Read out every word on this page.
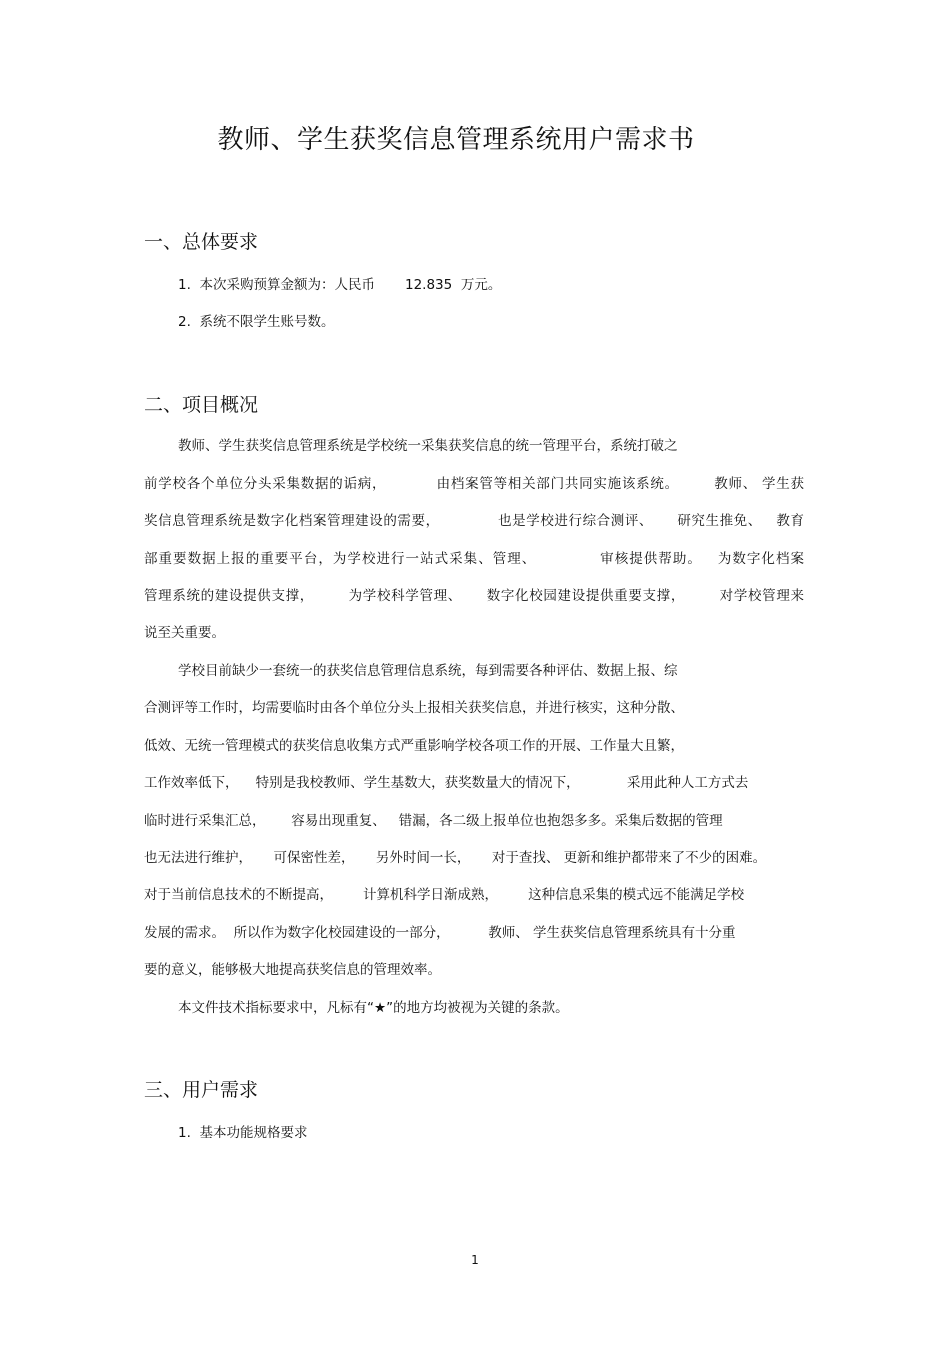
教师、学生获奖信息管理系统用户需求书
一、总体要求
1.  本次采购预算金额为：人民币       12.835  万元。
2.  系统不限学生账号数。
二、项目概况
教师、学生获奖信息管理系统是学校统一采集获奖信息的统一管理平台，系统打破之
前学校各个单位分头采集数据的诟病，          由档案管等相关部门共同实施该系统。       教师、 学生获
奖信息管理系统是数字化档案管理建设的需要，            也是学校进行综合测评、     研究生推免、   教育
部重要数据上报的重要平台，为学校进行一站式采集、管理、            审核提供帮助。   为数字化档案
管理系统的建设提供支撑，       为学校科学管理、     数字化校园建设提供重要支撑，       对学校管理来
说至关重要。
学校目前缺少一套统一的获奖信息管理信息系统，每到需要各种评估、数据上报、综
合测评等工作时，均需要临时由各个单位分头上报相关获奖信息，并进行核实，这种分散、
低效、无统一管理模式的获奖信息收集方式严重影响学校各项工作的开展、工作量大且繁，
工作效率低下，    特别是我校教师、学生基数大，获奖数量大的情况下，           采用此种人工方式去
临时进行采集汇总，      容易出现重复、   错漏，各二级上报单位也抱怨多多。采集后数据的管理
也无法进行维护，     可保密性差，     另外时间一长，     对于查找、 更新和维护都带来了不少的困难。
对于当前信息技术的不断提高，       计算机科学日渐成熟，       这种信息采集的模式远不能满足学校
发展的需求。  所以作为数字化校园建设的一部分，         教师、 学生获奖信息管理系统具有十分重
要的意义，能够极大地提高获奖信息的管理效率。
本文件技术指标要求中，凡标有“★”的地方均被视为关键的条款。
三、用户需求
1.  基本功能规格要求
1
